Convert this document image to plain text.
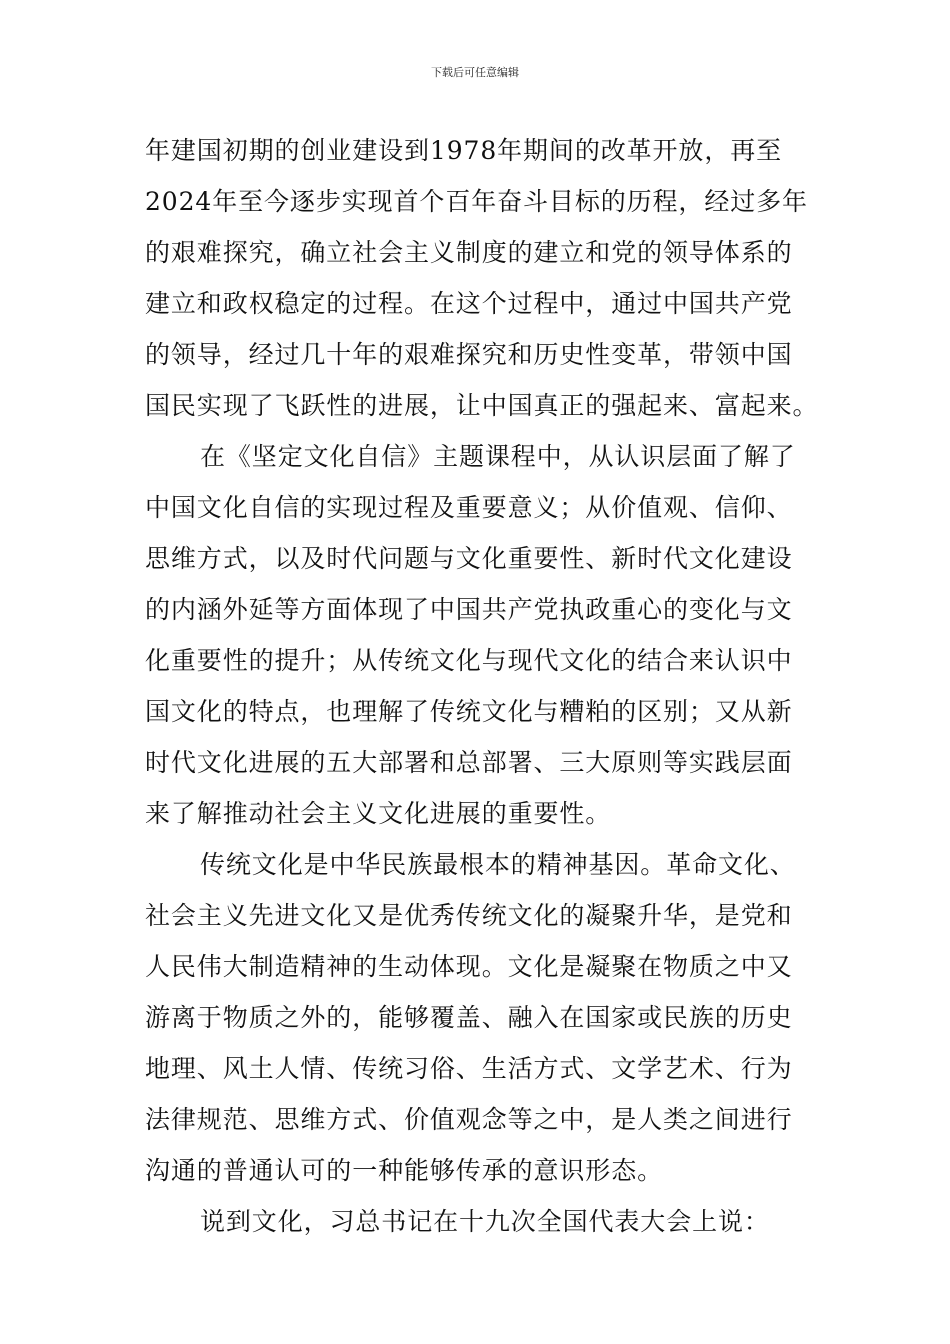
下载后可任意编辑
年建国初期的创业建设到1978年期间的改革开放，再至
2024年至今逐步实现首个百年奋斗目标的历程，经过多年
的艰难探究，确立社会主义制度的建立和党的领导体系的
建立和政权稳定的过程。在这个过程中，通过中国共产党
的领导，经过几十年的艰难探究和历史性变革，带领中国
国民实现了飞跃性的进展，让中国真正的强起来、富起来。
在《坚定文化自信》主题课程中，从认识层面了解了
中国文化自信的实现过程及重要意义；从价值观、信仰、
思维方式，以及时代问题与文化重要性、新时代文化建设
的内涵外延等方面体现了中国共产党执政重心的变化与文
化重要性的提升；从传统文化与现代文化的结合来认识中
国文化的特点，也理解了传统文化与糟粕的区别；又从新
时代文化进展的五大部署和总部署、三大原则等实践层面
来了解推动社会主义文化进展的重要性。
传统文化是中华民族最根本的精神基因。革命文化、
社会主义先进文化又是优秀传统文化的凝聚升华，是党和
人民伟大制造精神的生动体现。文化是凝聚在物质之中又
游离于物质之外的，能够覆盖、融入在国家或民族的历史
地理、风土人情、传统习俗、生活方式、文学艺术、行为
法律规范、思维方式、价值观念等之中，是人类之间进行
沟通的普通认可的一种能够传承的意识形态。
说到文化，习总书记在十九次全国代表大会上说：
